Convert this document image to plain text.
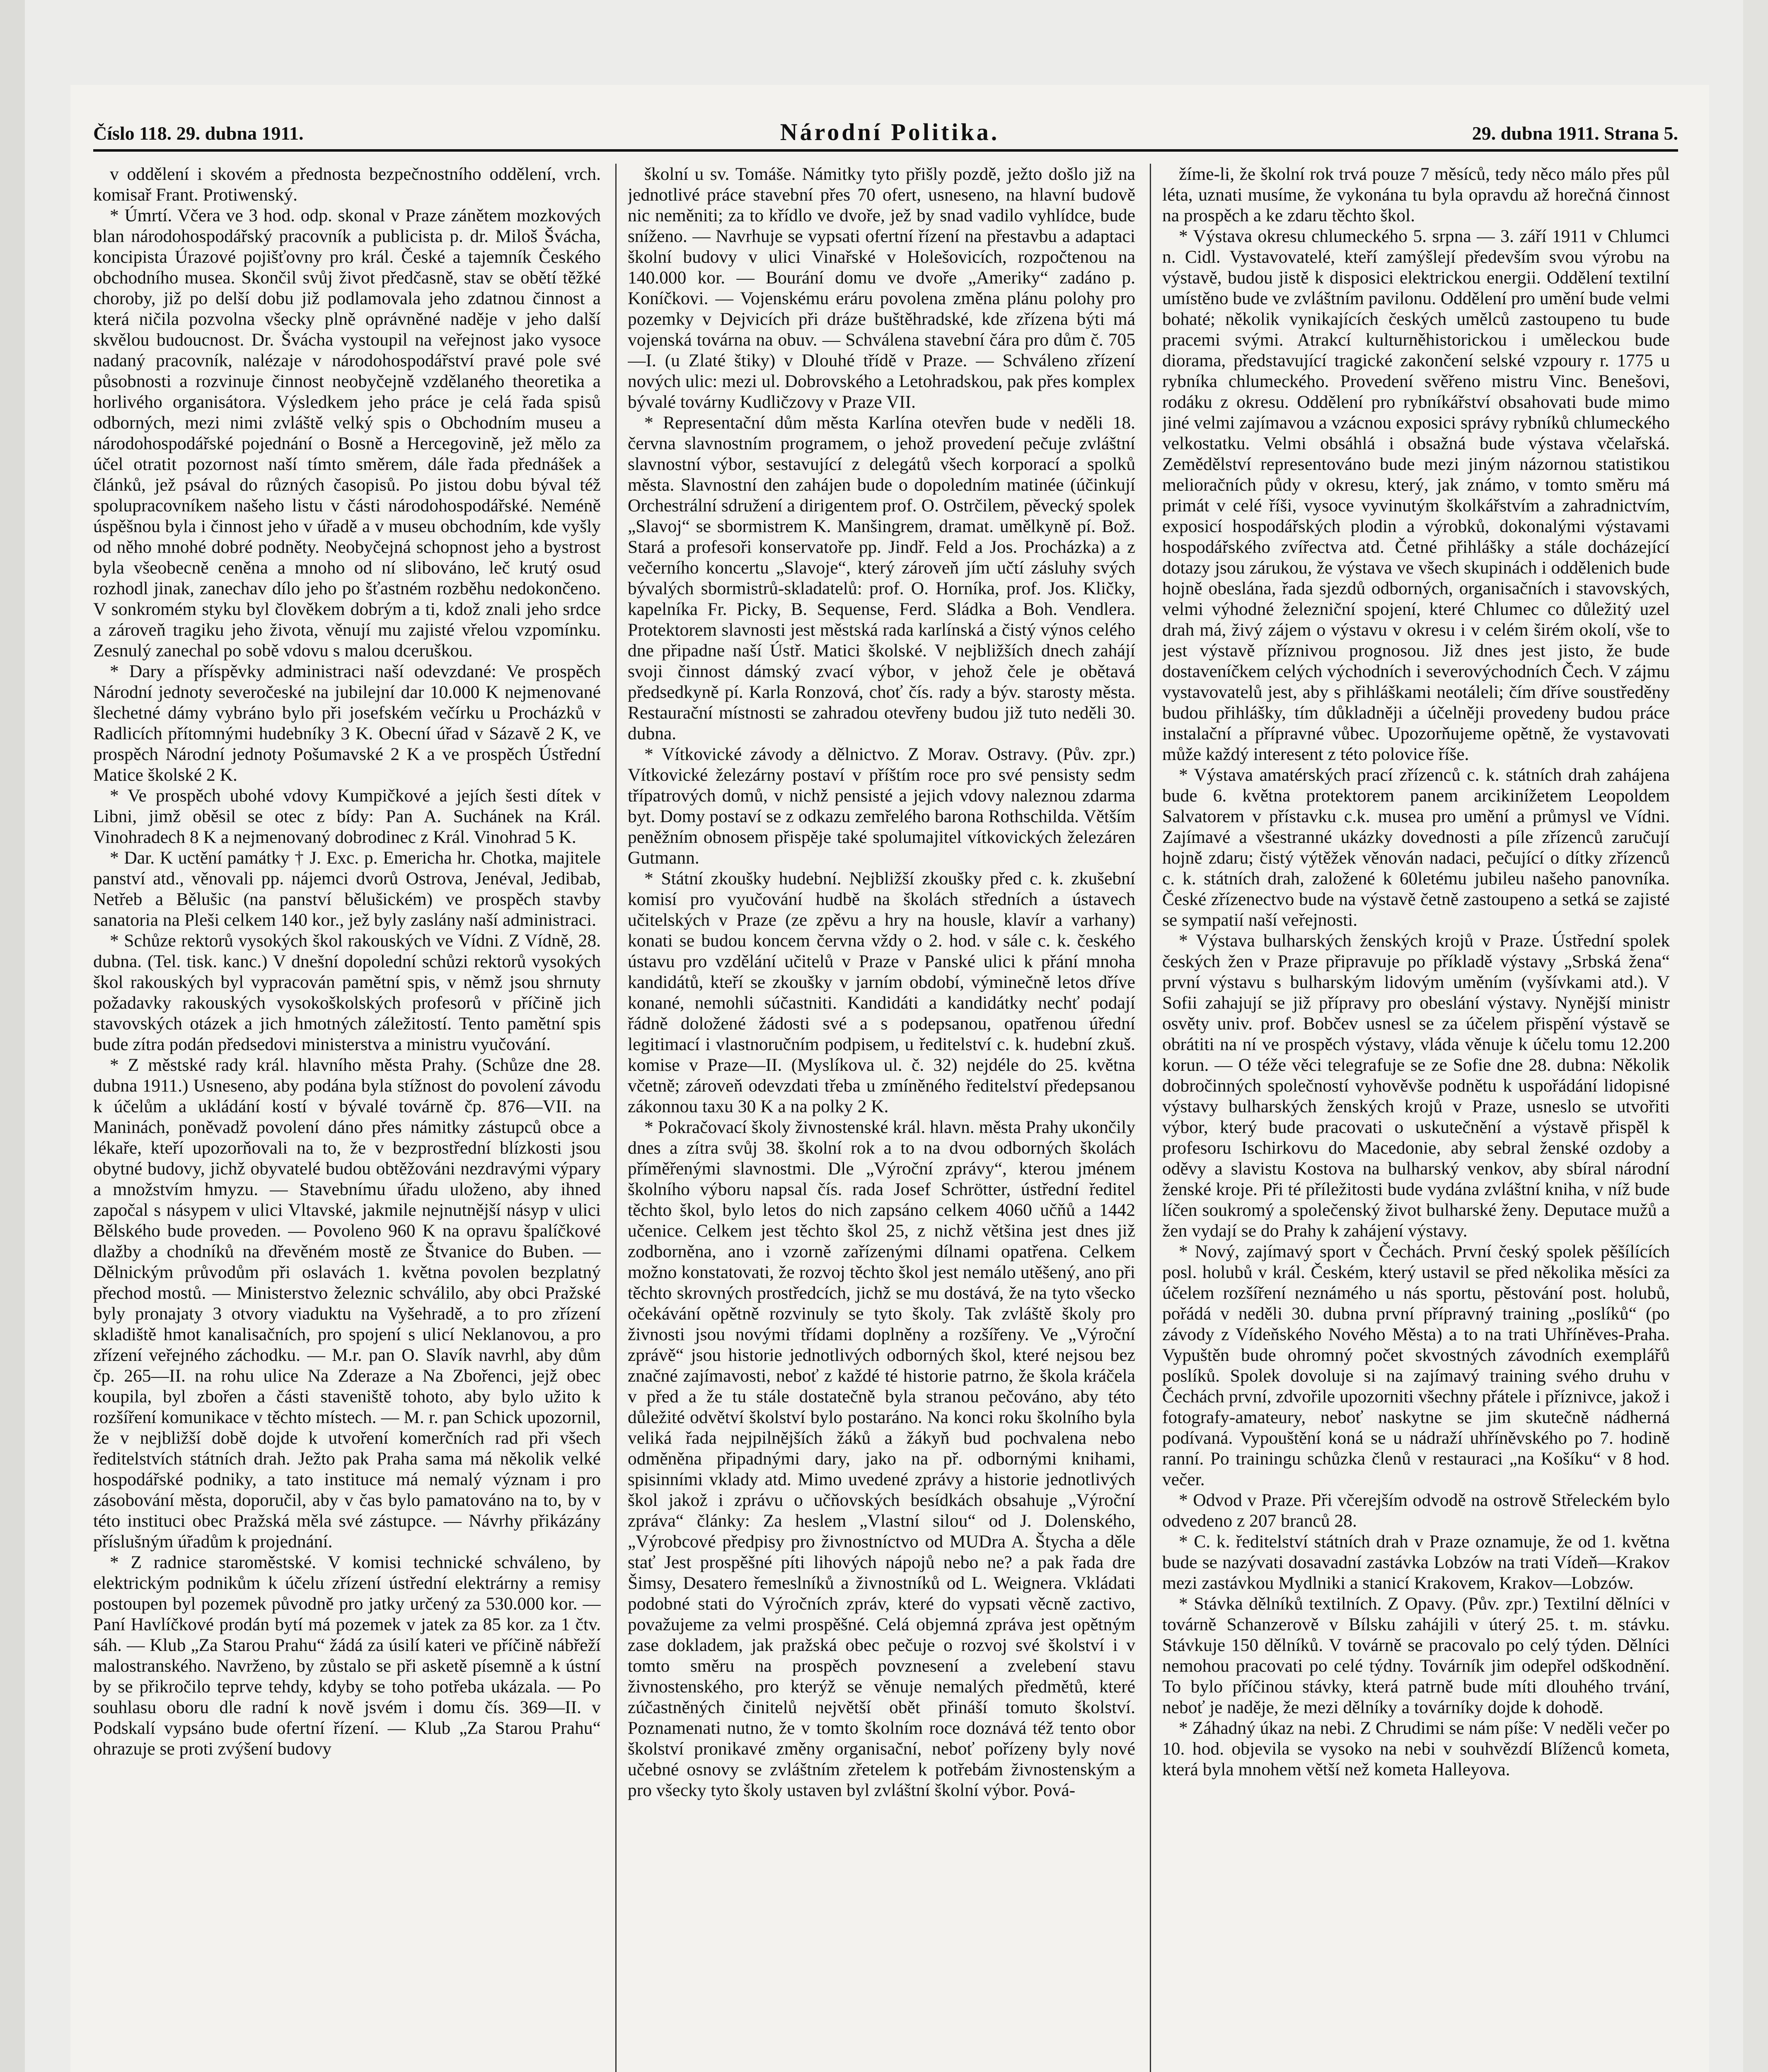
Číslo 118. 29. dubna 1911.	Národní Politika.	29. dubna 1911. Strana 5.

v oddělení i skovém a přednosta bezpečnostního oddělení, vrch. komisař Frant. Protiwenský.

* Úmrtí. Včera ve 3 hod. odp. skonal v Praze zánětem mozkových blan národohospodářský pracovník a publicista p. dr. Miloš Švácha, koncipista Úrazové pojišťovny pro král. České a tajemník Českého obchodního musea. Skončil svůj život předčasně, stav se obětí těžké choroby, již po delší dobu již podlamovala jeho zdatnou činnost a která ničila pozvolna všecky plně oprávněné naděje v jeho další skvělou budoucnost. Dr. Švácha vystoupil na veřejnost jako vysoce nadaný pracovník, nalézaje v národohospodářství pravé pole své působnosti a rozvinuje činnost neobyčejně vzdělaného theoretika a horlivého organisátora. Výsledkem jeho práce je celá řada spisů odborných, mezi nimi zvláště velký spis o Obchodním museu a národohospodářské pojednání o Bosně a Hercegovině, jež mělo za účel otratit pozornost naší tímto směrem, dále řada přednášek a článků, jež psával do různých časopisů. Po jistou dobu býval též spolupracovníkem našeho listu v části národohospodářské. Neméně úspěšnou byla i činnost jeho v úřadě a v museu obchodním, kde vyšly od něho mnohé dobré podněty. Neobyčejná schopnost jeho a bystrost byla všeobecně ceněna a mnoho od ní slibováno, leč krutý osud rozhodl jinak, zanechav dílo jeho po šťastném rozběhu nedokončeno. V sonkromém styku byl člověkem dobrým a ti, kdož znali jeho srdce a zároveň tragiku jeho života, věnují mu zajisté vřelou vzpomínku. Zesnulý zanechal po sobě vdovu s malou dceruškou.

* Dary a příspěvky administraci naší odevzdané: Ve prospěch Národní jednoty severočeské na jubilejní dar 10.000 K nejmenované šlechetné dámy vybráno bylo při josefském večírku u Procházků v Radlicích přítomnými hudebníky 3 K. Obecní úřad v Sázavě 2 K, ve prospěch Národní jednoty Pošumavské 2 K a ve prospěch Ústřední Matice školské 2 K.

* Ve prospěch ubohé vdovy Kumpičkové a jejích šesti dítek v Libni, jimž oběsil se otec z bídy: Pan A. Suchánek na Král. Vinohradech 8 K a nejmenovaný dobrodinec z Král. Vinohrad 5 K.

* Dar. K uctění památky † J. Exc. p. Emericha hr. Chotka, majitele panství atd., věnovali pp. nájemci dvorů Ostrova, Jenéval, Jedibab, Netřeb a Bělušic (na panství bělušickém) ve prospěch stavby sanatoria na Pleši celkem 140 kor., jež byly zaslány naší administraci.

* Schůze rektorů vysokých škol rakouských ve Vídni. Z Vídně, 28. dubna. (Tel. tisk. kanc.) V dnešní dopolední schůzi rektorů vysokých škol rakouských byl vypracován pamětní spis, v němž jsou shrnuty požadavky rakouských vysokoškolských profesorů v příčině jich stavovských otázek a jich hmotných záležitostí. Tento pamětní spis bude zítra podán předsedovi ministerstva a ministru vyučování.

* Z městské rady král. hlavního města Prahy. (Schůze dne 28. dubna 1911.) Usneseno, aby podána byla stížnost do povolení závodu k účelům a ukládání kostí v bývalé továrně čp. 876—VII. na Maninách, poněvadž povolení dáno přes námitky zástupců obce a lékaře, kteří upozorňovali na to, že v bezprostřední blízkosti jsou obytné budovy, jichž obyvatelé budou obtěžováni nezdravými výpary a množstvím hmyzu. — Stavebnímu úřadu uloženo, aby ihned započal s násypem v ulici Vltavské, jakmile nejnutnější násyp v ulici Bělského bude proveden. — Povoleno 960 K na opravu špalíčkové dlažby a chodníků na dřevěném mostě ze Štvanice do Buben. — Dělnickým průvodům při oslavách 1. května povolen bezplatný přechod mostů. — Ministerstvo železnic schválilo, aby obci Pražské byly pronajaty 3 otvory viaduktu na Vyšehradě, a to pro zřízení skladiště hmot kanalisačních, pro spojení s ulicí Neklanovou, a pro zřízení veřejného záchodku. — M.r. pan O. Slavík navrhl, aby dům čp. 265—II. na rohu ulice Na Zderaze a Na Zbořenci, jejž obec koupila, byl zbořen a části staveniště tohoto, aby bylo užito k rozšíření komunikace v těchto místech. — M. r. pan Schick upozornil, že v nejbližší době dojde k utvoření komerčních rad při všech ředitelstvích státních drah. Ježto pak Praha sama má několik velké hospodářské podniky, a tato instituce má nemalý význam i pro zásobování města, doporučil, aby v čas bylo pamatováno na to, by v této instituci obec Pražská měla své zástupce. — Návrhy přikázány příslušným úřadům k projednání.

* Z radnice staroměstské. V komisi technické schváleno, by elektrickým podnikům k účelu zřízení ústřední elektrárny a remisy postoupen byl pozemek původně pro jatky určený za 530.000 kor. — Paní Havlíčkové prodán bytí má pozemek v jatek za 85 kor. za 1 čtv. sáh. — Klub „Za Starou Prahu“ žádá za úsilí kateri ve příčině nábřeží malostranského. Navrženo, by zůstalo se při asketě písemně a k ústní by se přikročilo teprve tehdy, kdyby se toho potřeba ukázala. — Po souhlasu oboru dle radní k nově jsvém i domu čís. 369—II. v Podskalí vypsáno bude ofertní řízení. — Klub „Za Starou Prahu“ ohrazuje se proti zvýšení budovy

školní u sv. Tomáše. Námitky tyto přišly pozdě, ježto došlo již na jednotlivé práce stavební přes 70 ofert, usneseno, na hlavní budově nic neměniti; za to křídlo ve dvoře, jež by snad vadilo vyhlídce, bude sníženo. — Navrhuje se vypsati ofertní řízení na přestavbu a adaptaci školní budovy v ulici Vinařské v Holešovicích, rozpočtenou na 140.000 kor. — Bourání domu ve dvoře „Ameriky“ zadáno p. Koníčkovi. — Vojenskému eráru povolena změna plánu polohy pro pozemky v Dejvicích při dráze buštěhradské, kde zřízena býti má vojenská továrna na obuv. — Schválena stavební čára pro dům č. 705—I. (u Zlaté štiky) v Dlouhé třídě v Praze. — Schváleno zřízení nových ulic: mezi ul. Dobrovského a Letohradskou, pak přes komplex bývalé továrny Kudličzovy v Praze VII.

* Representační dům města Karlína otevřen bude v neděli 18. června slavnostním programem, o jehož provedení pečuje zvláštní slavnostní výbor, sestavující z delegátů všech korporací a spolků města. Slavnostní den zahájen bude o dopoledním matinée (účinkují Orchestrální sdružení a dirigentem prof. O. Ostrčilem, pěvecký spolek „Slavoj“ se sbormistrem K. Manšingrem, dramat. umělkyně pí. Bož. Stará a profesoři konservatoře pp. Jindř. Feld a Jos. Procházka) a z večerního koncertu „Slavoje“, který zároveň jím učtí zásluhy svých bývalých sbormistrů-skladatelů: prof. O. Horníka, prof. Jos. Kličky, kapelníka Fr. Picky, B. Sequense, Ferd. Sládka a Boh. Vendlera. Protektorem slavnosti jest městská rada karlínská a čistý výnos celého dne připadne naší Ústř. Matici školské. V nejbližších dnech zahájí svoji činnost dámský zvací výbor, v jehož čele je obětavá předsedkyně pí. Karla Ronzová, choť čís. rady a býv. starosty města. Restaurační místnosti se zahradou otevřeny budou již tuto neděli 30. dubna.

* Vítkovické závody a dělnictvo. Z Morav. Ostravy. (Pův. zpr.) Vítkovické železárny postaví v příštím roce pro své pensisty sedm třípatrových domů, v nichž pensisté a jejich vdovy naleznou zdarma byt. Domy postaví se z odkazu zemřelého barona Rothschilda. Větším peněžním obnosem přispěje také spolumajitel vítkovických železáren Gutmann.

* Státní zkoušky hudební. Nejbližší zkoušky před c. k. zkušební komisí pro vyučování hudbě na školách středních a ústavech učitelských v Praze (ze zpěvu a hry na housle, klavír a varhany) konati se budou koncem června vždy o 2. hod. v sále c. k. českého ústavu pro vzdělání učitelů v Praze v Panské ulici k přání mnoha kandidátů, kteří se zkoušky v jarním období, výminečně letos dříve konané, nemohli súčastniti. Kandidáti a kandidátky nechť podají řádně doložené žádosti své a s podepsanou, opatřenou úřední legitimací i vlastnoručním podpisem, u ředitelství c. k. hudební zkuš. komise v Praze—II. (Myslíkova ul. č. 32) nejdéle do 25. května včetně; zároveň odevzdati třeba u zmíněného ředitelství předepsanou zákonnou taxu 30 K a na polky 2 K.

* Pokračovací školy živnostenské král. hlavn. města Prahy ukončily dnes a zítra svůj 38. školní rok a to na dvou odborných školách příměřenými slavnostmi. Dle „Výroční zprávy“, kterou jménem školního výboru napsal čís. rada Josef Schrötter, ústřední ředitel těchto škol, bylo letos do nich zapsáno celkem 4060 učňů a 1442 učenice. Celkem jest těchto škol 25, z nichž většina jest dnes již zodborněna, ano i vzorně zařízenými dílnami opatřena. Celkem možno konstatovati, že rozvoj těchto škol jest nemálo utěšený, ano při těchto skrovných prostředcích, jichž se mu dostává, že na tyto všecko očekávání opětně rozvinuly se tyto školy. Tak zvláště školy pro živnosti jsou novými třídami doplněny a rozšířeny. Ve „Výroční zprávě“ jsou historie jednotlivých odborných škol, které nejsou bez značné zajímavosti, neboť z každé té historie patrno, že škola kráčela v před a že tu stále dostatečně byla stranou pečováno, aby této důležité odvětví školství bylo postaráno. Na konci roku školního byla veliká řada nejpilnějších žáků a žákyň bud pochvalena nebo odměněna připadnými dary, jako na př. odbornými knihami, spisinními vklady atd. Mimo uvedené zprávy a historie jednotlivých škol jakož i zprávu o učňovských besídkách obsahuje „Výroční zpráva“ články: Za heslem „Vlastní silou“ od J. Dolenského, „Výrobcové předpisy pro živnostníctvo od MUDra A. Štycha a děle stať Jest prospěšné píti lihových nápojů nebo ne? a pak řada dre Šimsy, Desatero řemeslníků a živnostníků od L. Weignera. Vkládati podobné stati do Výročních zpráv, které do vypsati věcně zactivo, považujeme za velmi prospěšné. Celá objemná zpráva jest opětným zase dokladem, jak pražská obec pečuje o rozvoj své školství i v tomto směru na prospěch povznesení a zvelebení stavu živnostenského, pro kterýž se věnuje nemalých předmětů, které zúčastněných činitelů největší obět přináší tomuto školství. Poznamenati nutno, že v tomto školním roce doznává též tento obor školství pronikavé změny organisační, neboť pořízeny byly nové učebné osnovy se zvláštním zřetelem k potřebám živnostenským a pro všecky tyto školy ustaven byl zvláštní školní výbor. Pová-

žíme-li, že školní rok trvá pouze 7 měsíců, tedy něco málo přes půl léta, uznati musíme, že vykonána tu byla opravdu až horečná činnost na prospěch a ke zdaru těchto škol.

* Výstava okresu chlumeckého 5. srpna — 3. září 1911 v Chlumci n. Cidl. Vystavovatelé, kteří zamýšlejí především svou výrobu na výstavě, budou jistě k disposici elektrickou energii. Oddělení textilní umístěno bude ve zvláštním pavilonu. Oddělení pro umění bude velmi bohaté; několik vynikajících českých umělců zastoupeno tu bude pracemi svými. Atrakcí kulturněhistorickou i uměleckou bude diorama, představující tragické zakončení selské vzpoury r. 1775 u rybníka chlumeckého. Provedení svěřeno mistru Vinc. Benešovi, rodáku z okresu. Oddělení pro rybníkářství obsahovati bude mimo jiné velmi zajímavou a vzácnou exposici správy rybníků chlumeckého velkostatku. Velmi obsáhlá i obsažná bude výstava včelařská. Zemědělství representováno bude mezi jiným názornou statistikou melioračních půdy v okresu, který, jak známo, v tomto směru má primát v celé říši, vysoce vyvinutým školkářstvím a zahradnictvím, exposicí hospodářských plodin a výrobků, dokonalými výstavami hospodářského zvířectva atd. Četné přihlášky a stále docházející dotazy jsou zárukou, že výstava ve všech skupinách i oddělenich bude hojně obeslána, řada sjezdů odborných, organisačních i stavovských, velmi výhodné železniční spojení, které Chlumec co důležitý uzel drah má, živý zájem o výstavu v okresu i v celém širém okolí, vše to jest výstavě příznivou prognosou. Již dnes jest jisto, že bude dostaveníčkem celých východních i severovýchodních Čech. V zájmu vystavovatelů jest, aby s přihláškami neotáleli; čím dříve soustředěny budou přihlášky, tím důkladněji a účelněji provedeny budou práce instalační a přípravné vůbec. Upozorňujeme opětně, že vystavovati může každý interesent z této polovice říše.

* Výstava amatérských prací zřízenců c. k. státních drah zahájena bude 6. května protektorem panem arcikinížetem Leopoldem Salvatorem v přístavku c.k. musea pro umění a průmysl ve Vídni. Zajímavé a všestranné ukázky dovednosti a píle zřízenců zaručují hojně zdaru; čistý výtěžek věnován nadaci, pečující o dítky zřízenců c. k. státních drah, založené k 60letému jubileu našeho panovníka. České zřízenectvo bude na výstavě četně zastoupeno a setká se zajisté se sympatií naší veřejnosti.

* Výstava bulharských ženských krojů v Praze. Ústřední spolek českých žen v Praze připravuje po příkladě výstavy „Srbská žena“ první výstavu s bulharským lidovým uměním (vyšívkami atd.). V Sofii zahajují se již přípravy pro obeslání výstavy. Nynější ministr osvěty univ. prof. Bobčev usnesl se za účelem přispění výstavě se obrátiti na ní ve prospěch výstavy, vláda věnuje k účelu tomu 12.200 korun. — O téže věci telegrafuje se ze Sofie dne 28. dubna: Několik dobročinných společností vyhověvše podnětu k uspořádání lidopisné výstavy bulharských ženských krojů v Praze, usneslo se utvořiti výbor, který bude pracovati o uskutečnění a výstavě přispěl k profesoru Ischirkovu do Macedonie, aby sebral ženské ozdoby a oděvy a slavistu Kostova na bulharský venkov, aby sbíral národní ženské kroje. Při té příležitosti bude vydána zvláštní kniha, v níž bude líčen soukromý a společenský život bulharské ženy. Deputace mužů a žen vydají se do Prahy k zahájení výstavy.

* Nový, zajímavý sport v Čechách. První český spolek pěšílících posl. holubů v král. Českém, který ustavil se před několika měsíci za účelem rozšíření neznámého u nás sportu, pěstování post. holubů, pořádá v neděli 30. dubna první přípravný training „poslíků“ (po závody z Vídeňského Nového Města) a to na trati Uhříněves-Praha. Vypuštěn bude ohromný počet skvostných závodních exemplářů poslíků. Spolek dovoluje si na zajímavý training svého druhu v Čechách první, zdvořile upozorniti všechny přátele i příznivce, jakož i fotografy-amateury, neboť naskytne se jim skutečně nádherná podívaná. Vypouštění koná se u nádraží uhříněvského po 7. hodině ranní. Po trainingu schůzka členů v restauraci „na Košíku“ v 8 hod. večer.

* Odvod v Praze. Při včerejším odvodě na ostrově Střeleckém bylo odvedeno z 207 branců 28.

* C. k. ředitelství státních drah v Praze oznamuje, že od 1. května bude se nazývati dosavadní zastávka Lobzów na trati Vídeň—Krakov mezi zastávkou Mydlniki a stanicí Krakovem, Krakov—Lobzów.

* Stávka dělníků textilních. Z Opavy. (Pův. zpr.) Textilní dělníci v továrně Schanzerově v Bílsku zahájili v úterý 25. t. m. stávku. Stávkuje 150 dělníků. V továrně se pracovalo po celý týden. Dělníci nemohou pracovati po celé týdny. Továrník jim odepřel odškodnění. To bylo příčinou stávky, která patrně bude míti dlouhého trvání, neboť je naděje, že mezi dělníky a továrníky dojde k dohodě.

* Záhadný úkaz na nebi. Z Chrudimi se nám píše: V neděli večer po 10. hod. objevila se vysoko na nebi v souhvězdí Blíženců kometa, která byla mnohem větší než kometa Halleyova.
